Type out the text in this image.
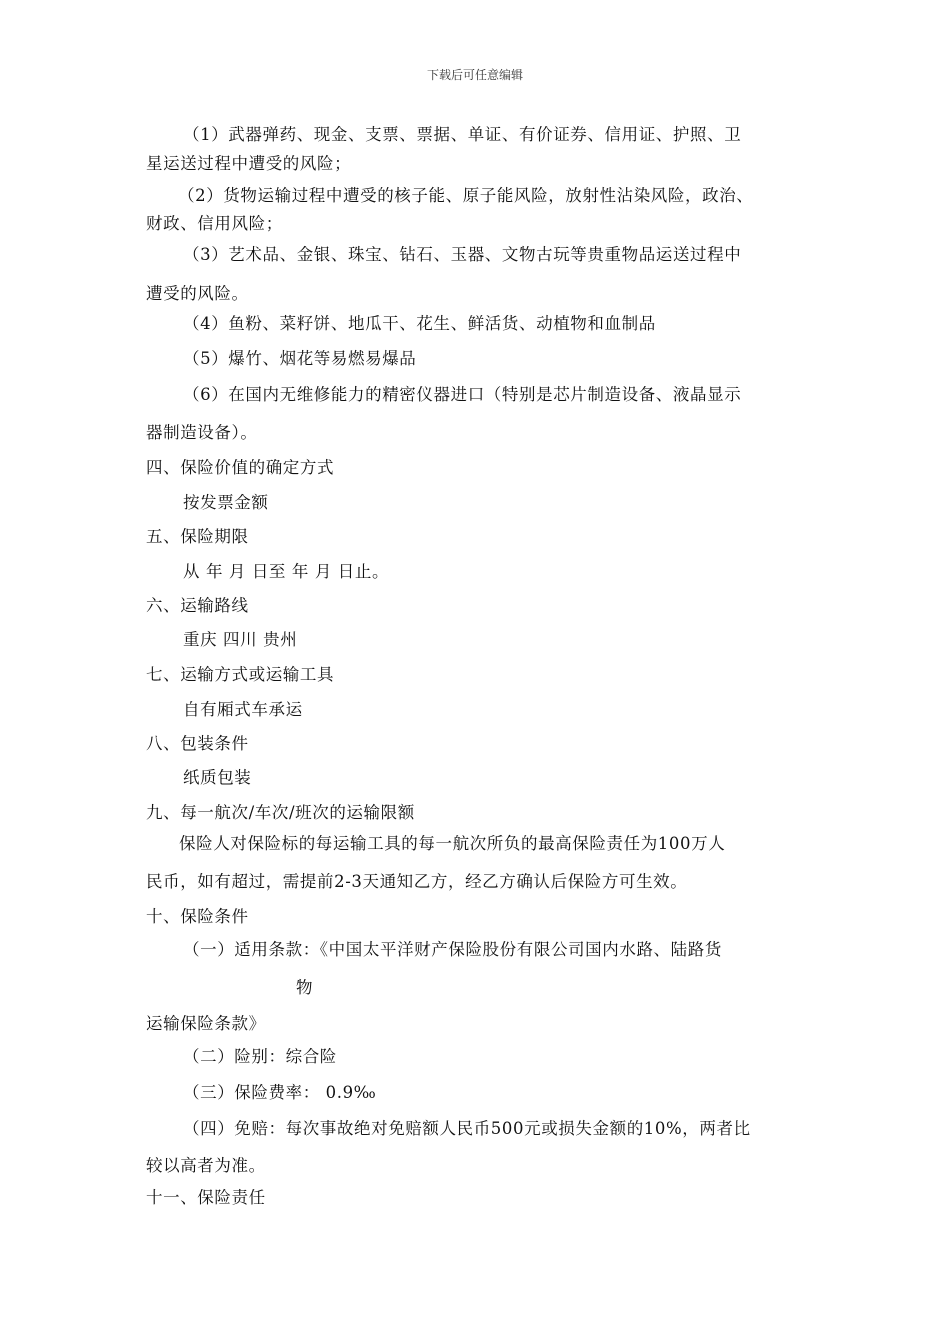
下载后可任意编辑
（1）武器弹药、现金、支票、票据、单证、有价证券、信用证、护照、卫
星运送过程中遭受的风险；
（2）货物运输过程中遭受的核子能、原子能风险，放射性沾染风险，政治、
财政、信用风险；
（3）艺术品、金银、珠宝、钻石、玉器、文物古玩等贵重物品运送过程中
遭受的风险。
（4）鱼粉、菜籽饼、地瓜干、花生、鲜活货、动植物和血制品
（5）爆竹、烟花等易燃易爆品
（6）在国内无维修能力的精密仪器进口（特别是芯片制造设备、液晶显示
器制造设备）。
四、保险价值的确定方式
按发票金额
五、保险期限
从 年 月 日至 年 月 日止。
六、运输路线
重庆 四川 贵州
七、运输方式或运输工具
自有厢式车承运
八、包装条件
纸质包装
九、每一航次/车次/班次的运输限额
保险人对保险标的每运输工具的每一航次所负的最高保险责任为100万人
民币，如有超过，需提前2-3天通知乙方，经乙方确认后保险方可生效。
十、保险条件
（一）适用条款：《中国太平洋财产保险股份有限公司国内水路、陆路货
物
运输保险条款》
（二）险别：综合险
（三）保险费率： 0.9‰
（四）免赔：每次事故绝对免赔额人民币500元或损失金额的10%，两者比
较以高者为准。
十一、保险责任
